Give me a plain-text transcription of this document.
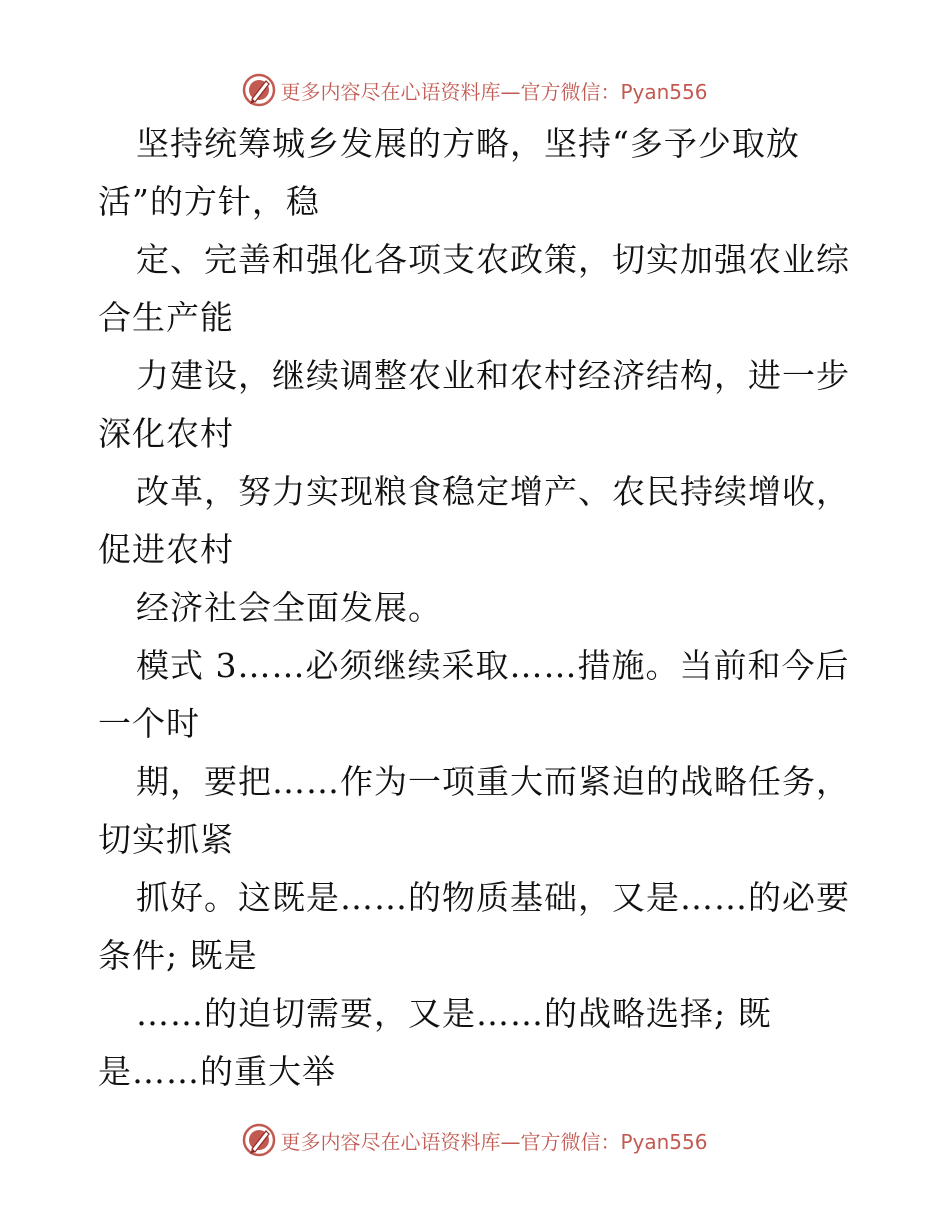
更多内容尽在心语资料库—官方微信：Pyan556
坚持统筹城乡发展的方略，坚持“多予少取放
活”的方针，稳
定、完善和强化各项支农政策，切实加强农业综
合生产能
力建设，继续调整农业和农村经济结构，进一步
深化农村
改革，努力实现粮食稳定增产、农民持续增收，
促进农村
经济社会全面发展。
模式 3……必须继续采取……措施。当前和今后
一个时
期，要把……作为一项重大而紧迫的战略任务，
切实抓紧
抓好。这既是……的物质基础，又是……的必要
条件; 既是
……的迫切需要，又是……的战略选择; 既
是……的重大举
更多内容尽在心语资料库—官方微信：Pyan556
